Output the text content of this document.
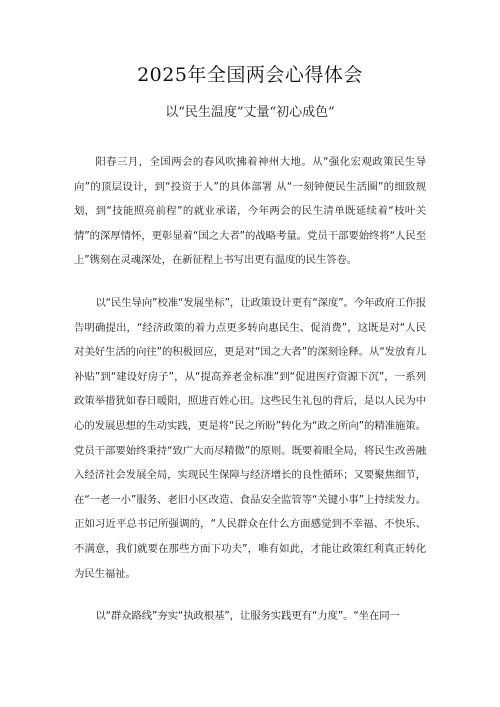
2025年全国两会心得体会
以“民生温度”丈量“初心成色”

阳春三月，全国两会的春风吹拂着神州大地。从“强化宏观政策民生导向”的顶层设计，到“投资于人”的具体部署 从“一刻钟便民生活圈”的细致规划，到“技能照亮前程”的就业承诺，今年两会的民生清单既延续着“枝叶关情”的深厚情怀，更彰显着“国之大者”的战略考量。党员干部要始终将“人民至上”镌刻在灵魂深处，在新征程上书写出更有温度的民生答卷。

以“民生导向”校准“发展坐标”，让政策设计更有“深度”。今年政府工作报告明确提出，“经济政策的着力点更多转向惠民生、促消费”，这既是对“人民对美好生活的向往”的积极回应，更是对“国之大者”的深刻诠释。从“发放育儿补贴”到“建设好房子”，从“提高养老金标准”到“促进医疗资源下沉”，一系列政策举措犹如春日暖阳，照进百姓心田。这些民生礼包的背后，是以人民为中心的发展思想的生动实践，更是将“民之所盼”转化为“政之所向”的精准施策。党员干部要始终秉持“致广大而尽精微”的原则。既要着眼全局，将民生改善融入经济社会发展全局，实现民生保障与经济增长的良性循环；又要聚焦细节，在“一老一小”服务、老旧小区改造、食品安全监管等“关键小事”上持续发力。正如习近平总书记所强调的，“人民群众在什么方面感觉到不幸福、不快乐、不满意，我们就要在那些方面下功夫”，唯有如此，才能让政策红利真正转化为民生福祉。

以“群众路线”夯实“执政根基”，让服务实践更有“力度”。“坐在同一
